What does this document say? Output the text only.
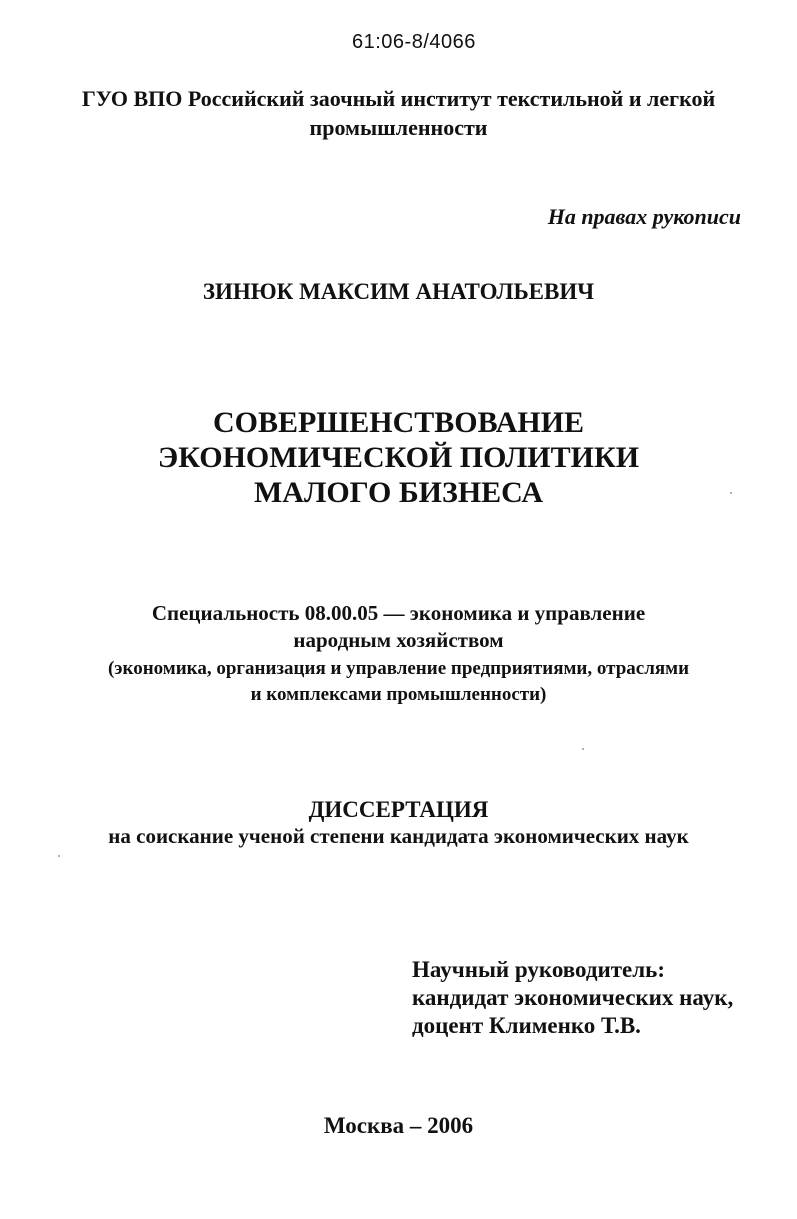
61:06-8/4066
ГУО ВПО Российский заочный институт текстильной и легкой
промышленности
На правах рукописи
ЗИНЮК МАКСИМ АНАТОЛЬЕВИЧ
СОВЕРШЕНСТВОВАНИЕ
ЭКОНОМИЧЕСКОЙ ПОЛИТИКИ
МАЛОГО БИЗНЕСА
Специальность 08.00.05 — экономика и управление
народным хозяйством
(экономика, организация и управление предприятиями, отраслями
и комплексами промышленности)
ДИССЕРТАЦИЯ
на соискание ученой степени кандидата экономических наук
Научный руководитель:
кандидат экономических наук,
доцент Клименко Т.В.
Москва – 2006
